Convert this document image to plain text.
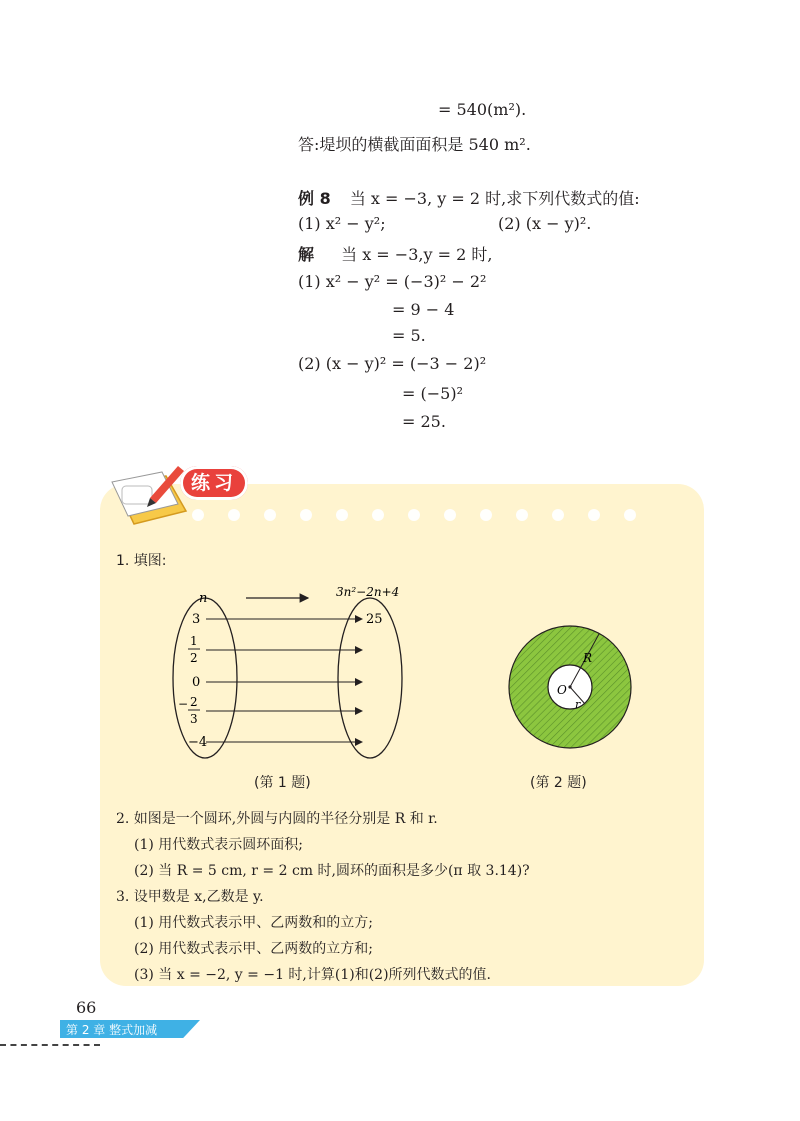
= 540(m²).
答:堤坝的横截面面积是 540 m².
例 8 当 x = −3, y = 2 时,求下列代数式的值:
(1) x² − y²;	(2) (x − y)².
解 当 x = −3,y = 2 时,
(1) x² − y² = (−3)² − 2²
= 9 − 4
= 5.
(2) (x − y)² = (−3 − 2)²
= (−5)²
= 25.
练习
1. 填图:
n	3n²−2n+4
3	25
1
2
0
− 2
3
−4
(第 1 题)
O
R
r
(第 2 题)
2. 如图是一个圆环,外圆与内圆的半径分别是 R 和 r.
(1) 用代数式表示圆环面积;
(2) 当 R = 5 cm, r = 2 cm 时,圆环的面积是多少(π 取 3.14)?
3. 设甲数是 x,乙数是 y.
(1) 用代数式表示甲、乙两数和的立方;
(2) 用代数式表示甲、乙两数的立方和;
(3) 当 x = −2, y = −1 时,计算(1)和(2)所列代数式的值.
66
第 2 章 整式加减
